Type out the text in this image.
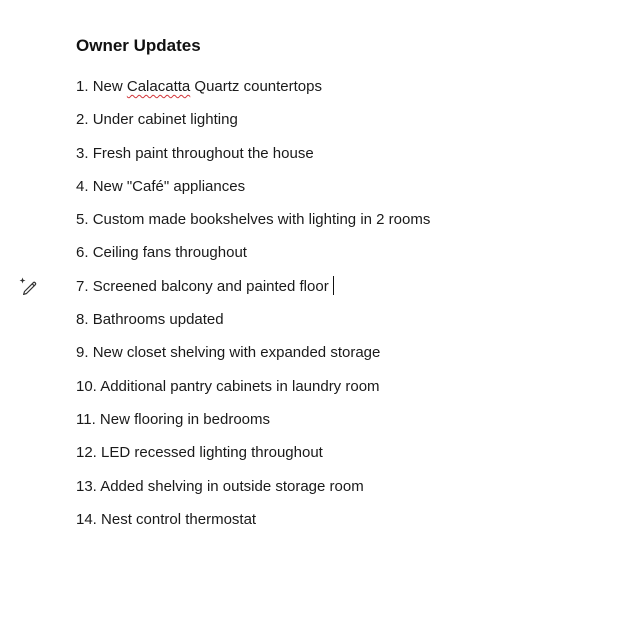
Owner Updates
1. New Calacatta Quartz countertops
2. Under cabinet lighting
3. Fresh paint throughout the house
4. New "Café" appliances
5. Custom made bookshelves with lighting in 2 rooms
6. Ceiling fans throughout
7. Screened balcony and painted floor
8. Bathrooms updated
9. New closet shelving with expanded storage
10. Additional pantry cabinets in laundry room
11. New flooring in bedrooms
12. LED recessed lighting throughout
13. Added shelving in outside storage room
14. Nest control thermostat
